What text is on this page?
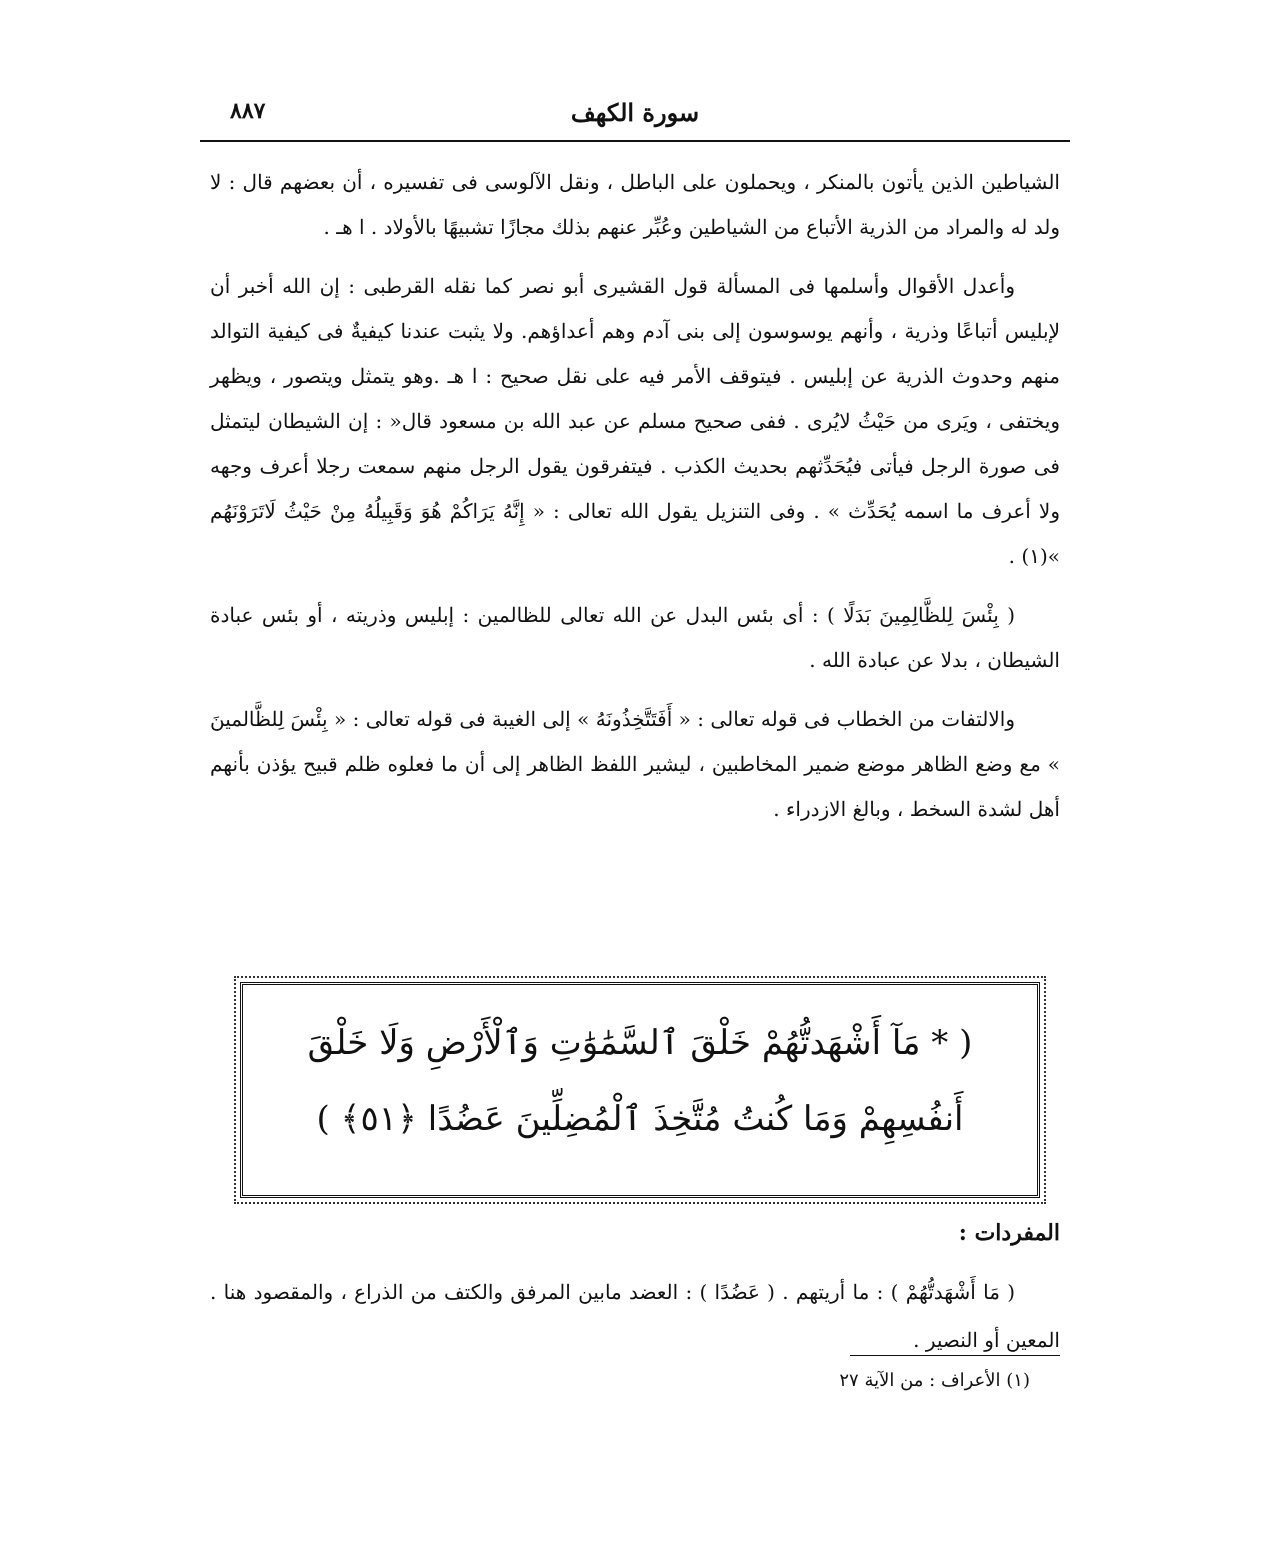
سورة الكهف
٨٨٧

الشياطين الذين يأتون بالمنكر ، ويحملون على الباطل ، ونقل الآلوسى فى تفسيره ، أن بعضهم قال : لا ولد له والمراد من الذرية الأتباع من الشياطين وعُبِّر عنهم بذلك مجازًا تشبيهًا بالأولاد . ا هـ .

وأعدل الأقوال وأسلمها فى المسألة قول القشيرى أبو نصر كما نقله القرطبى : إن الله أخبر أن لإبليس أتباعًا وذرية ، وأنهم يوسوسون إلى بنى آدم وهم أعداؤهم. ولا يثبت عندنا كيفيةٌ فى كيفية التوالد منهم وحدوث الذرية عن إبليس . فيتوقف الأمر فيه على نقل صحيح : ا هـ .وهو يتمثل ويتصور ، ويظهر ويختفى ، ويَرى من حَيْثُ لايُرى . ففى صحيح مسلم عن عبد الله بن مسعود قال« : إن الشيطان ليتمثل فى صورة الرجل فيأتى فيُحَدِّثهم بحديث الكذب . فيتفرقون يقول الرجل منهم سمعت رجلا أعرف وجهه ولا أعرف ما اسمه يُحَدِّث » . وفى التنزيل يقول الله تعالى : « إِنَّهُ يَرَاكُمْ هُوَ وَقَبِيلُهُ مِنْ حَيْثُ لَاتَرَوْنَهُم »(١) .

( بِئْسَ لِلظَّالِمِينَ بَدَلًا ) : أى بئس البدل عن الله تعالى للظالمين : إبليس وذريته ، أو بئس عبادة الشيطان ، بدلا عن عبادة الله .

والالتفات من الخطاب فى قوله تعالى : « أَفَتَتَّخِذُونَهُ » إلى الغيبة فى قوله تعالى : « بِئْسَ لِلظَّالمينَ » مع وضع الظاهر موضع ضمير المخاطبين ، ليشير اللفظ الظاهر إلى أن ما فعلوه ظلم قبيح يؤذن بأنهم أهل لشدة السخط ، وبالغ الازدراء .

( * مَآ أَشْهَدتُّهُمْ خَلْقَ ٱلسَّمَٰوَٰتِ وَٱلْأَرْضِ وَلَا خَلْقَ أَنفُسِهِمْ وَمَا كُنتُ مُتَّخِذَ ٱلْمُضِلِّينَ عَضُدًا ﴿٥١﴾ )
المفردات :

( مَا أَشْهَدتُّهُمْ ) : ما أريتهم . ( عَضُدًا ) : العضد مابين المرفق والكتف من الذراع ، والمقصود هنا . المعين أو النصير .

(١) الأعراف : من الآية ٢٧
